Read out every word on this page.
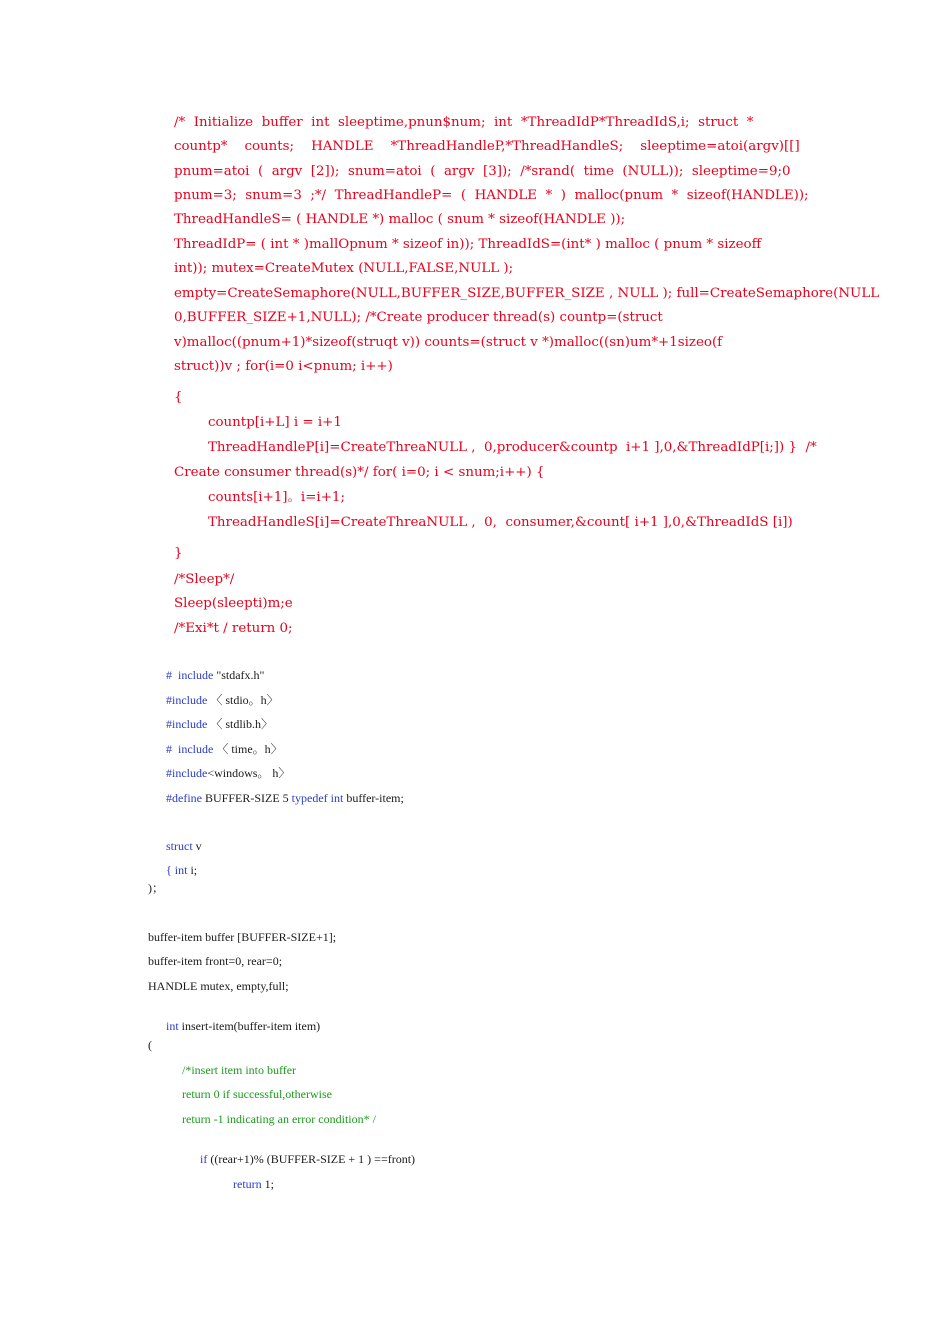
/*  Initialize  buffer  int  sleeptime,pnun$num;  int  *ThreadIdP*ThreadIdS,i;  struct  *
countp*    counts;    HANDLE    *ThreadHandleP,*ThreadHandleS;    sleeptime=atoi(argv)[[]
pnum=atoi  (  argv  [2]);  snum=atoi  (  argv  [3]);  /*srand(  time  (NULL));  sleeptime=9;0
pnum=3;  snum=3  ;*/  ThreadHandleP=  (  HANDLE  *  )  malloc(pnum  *  sizeof(HANDLE));
ThreadHandleS= ( HANDLE *) malloc ( snum * sizeof(HANDLE ));
ThreadIdP= ( int * )mallOpnum * sizeof in)); ThreadIdS=(int* ) malloc ( pnum * sizeoff
int)); mutex=CreateMutex (NULL,FALSE,NULL );
empty=CreateSemaphore(NULL,BUFFER_SIZE,BUFFER_SIZE , NULL ); full=CreateSemaphore(NULL
0,BUFFER_SIZE+1,NULL); /*Create producer thread(s) countp=(struct
v)malloc((pnum+1)*sizeof(struqt v)) counts=(struct v *)malloc((sn)um*+1sizeo(f
struct))v ; for(i=0 i<pnum; i++)
{
countp[i+L] i = i+1
ThreadHandleP[i]=CreateThreaNULL ,  0,producer&countp  i+1 ],0,&ThreadIdP[i;]) }  /*
Create consumer thread(s)*/ for( i=0; i < snum;i++) {
counts[i+1]。i=i+1;
ThreadHandleS[i]=CreateThreaNULL ,  0,  consumer,&count[ i+1 ],0,&ThreadIdS [i])
}
/*Sleep*/
Sleep(sleepti)m;e
/*Exi*t / return 0;

# include "stdafx.h"

#include 〈 stdio。h〉

#include 〈 stdlib.h〉

# include 〈 time。h〉

#include<windows。 h〉

#define BUFFER-SIZE 5 typedef int buffer-item;

struct v

{ int i;

)；
buffer-item buffer [BUFFER-SIZE+1];
buffer-item front=0, rear=0;
HANDLE mutex, empty,full;

int insert-item(buffer-item item)

(
/*insert item into buffer
return 0 if successful,otherwise
return -1 indicating an error condition* /

if ((rear+1)% (BUFFER-SIZE + 1 ) ==front)

return 1;
